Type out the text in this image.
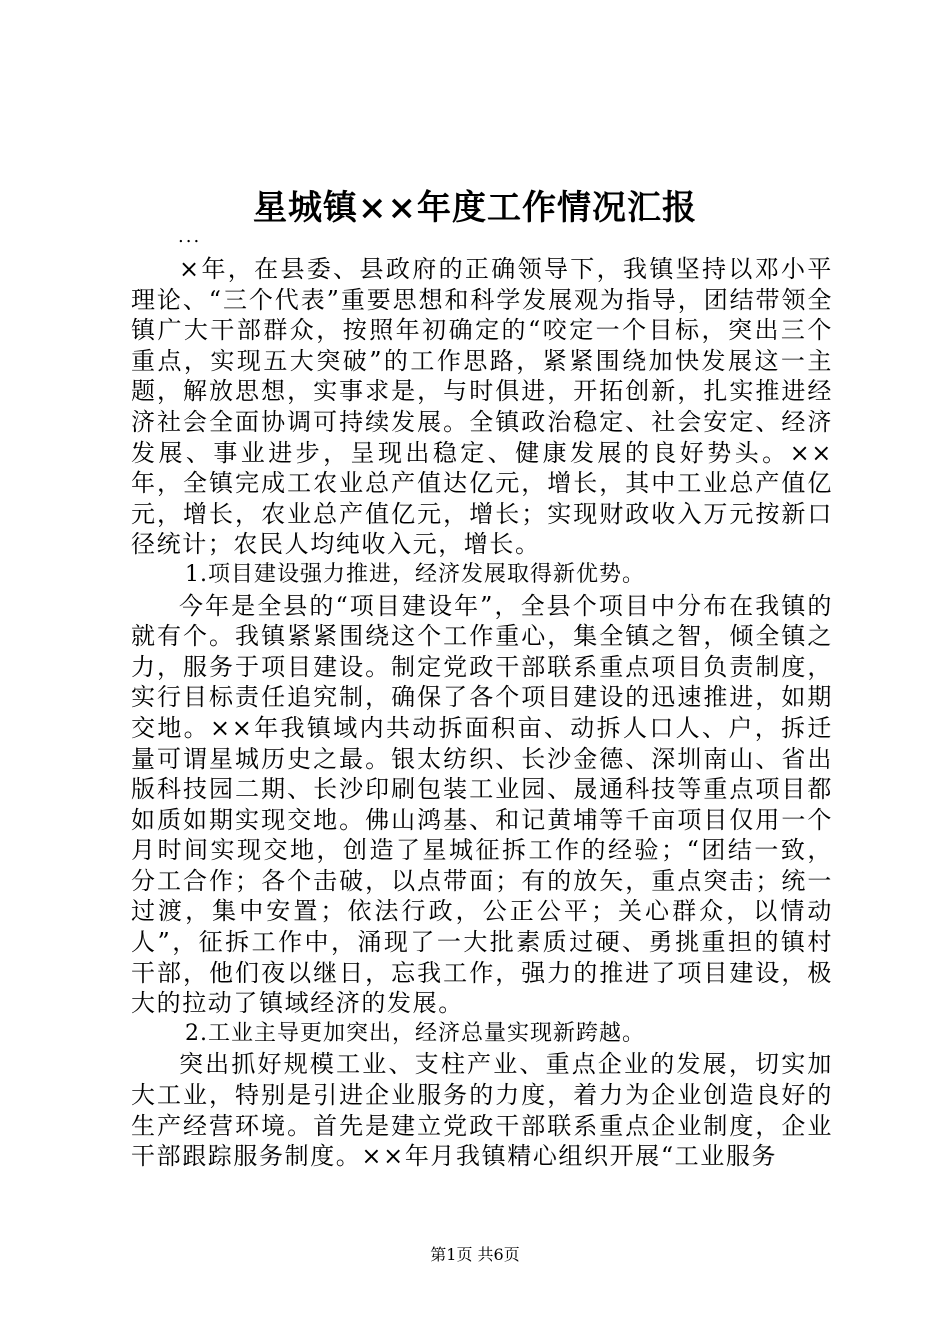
星城镇××年度工作情况汇报
...

×年，在县委、县政府的正确领导下，我镇坚持以邓小平理论、“三个代表”重要思想和科学发展观为指导，团结带领全镇广大干部群众，按照年初确定的“咬定一个目标，突出三个重点，实现五大突破”的工作思路，紧紧围绕加快发展这一主题，解放思想，实事求是，与时俱进，开拓创新，扎实推进经济社会全面协调可持续发展。全镇政治稳定、社会安定、经济发展、事业进步，呈现出稳定、健康发展的良好势头。××年，全镇完成工农业总产值达亿元，增长，其中工业总产值亿元，增长，农业总产值亿元，增长；实现财政收入万元按新口径统计；农民人均纯收入元，增长。

1.项目建设强力推进，经济发展取得新优势。

今年是全县的“项目建设年”，全县个项目中分布在我镇的就有个。我镇紧紧围绕这个工作重心，集全镇之智，倾全镇之力，服务于项目建设。制定党政干部联系重点项目负责制度，实行目标责任追究制，确保了各个项目建设的迅速推进，如期交地。××年我镇域内共动拆面积亩、动拆人口人、户，拆迁量可谓星城历史之最。银太纺织、长沙金德、深圳南山、省出版科技园二期、长沙印刷包装工业园、晟通科技等重点项目都如质如期实现交地。佛山鸿基、和记黄埔等千亩项目仅用一个月时间实现交地，创造了星城征拆工作的经验；“团结一致，分工合作；各个击破，以点带面；有的放矢，重点突击；统一过渡，集中安置；依法行政，公正公平；关心群众，以情动人”，征拆工作中，涌现了一大批素质过硬、勇挑重担的镇村干部，他们夜以继日，忘我工作，强力的推进了项目建设，极大的拉动了镇域经济的发展。

2.工业主导更加突出，经济总量实现新跨越。

突出抓好规模工业、支柱产业、重点企业的发展，切实加大工业，特别是引进企业服务的力度，着力为企业创造良好的生产经营环境。首先是建立党政干部联系重点企业制度，企业干部跟踪服务制度。××年月我镇精心组织开展“工业服务

第1页 共6页
